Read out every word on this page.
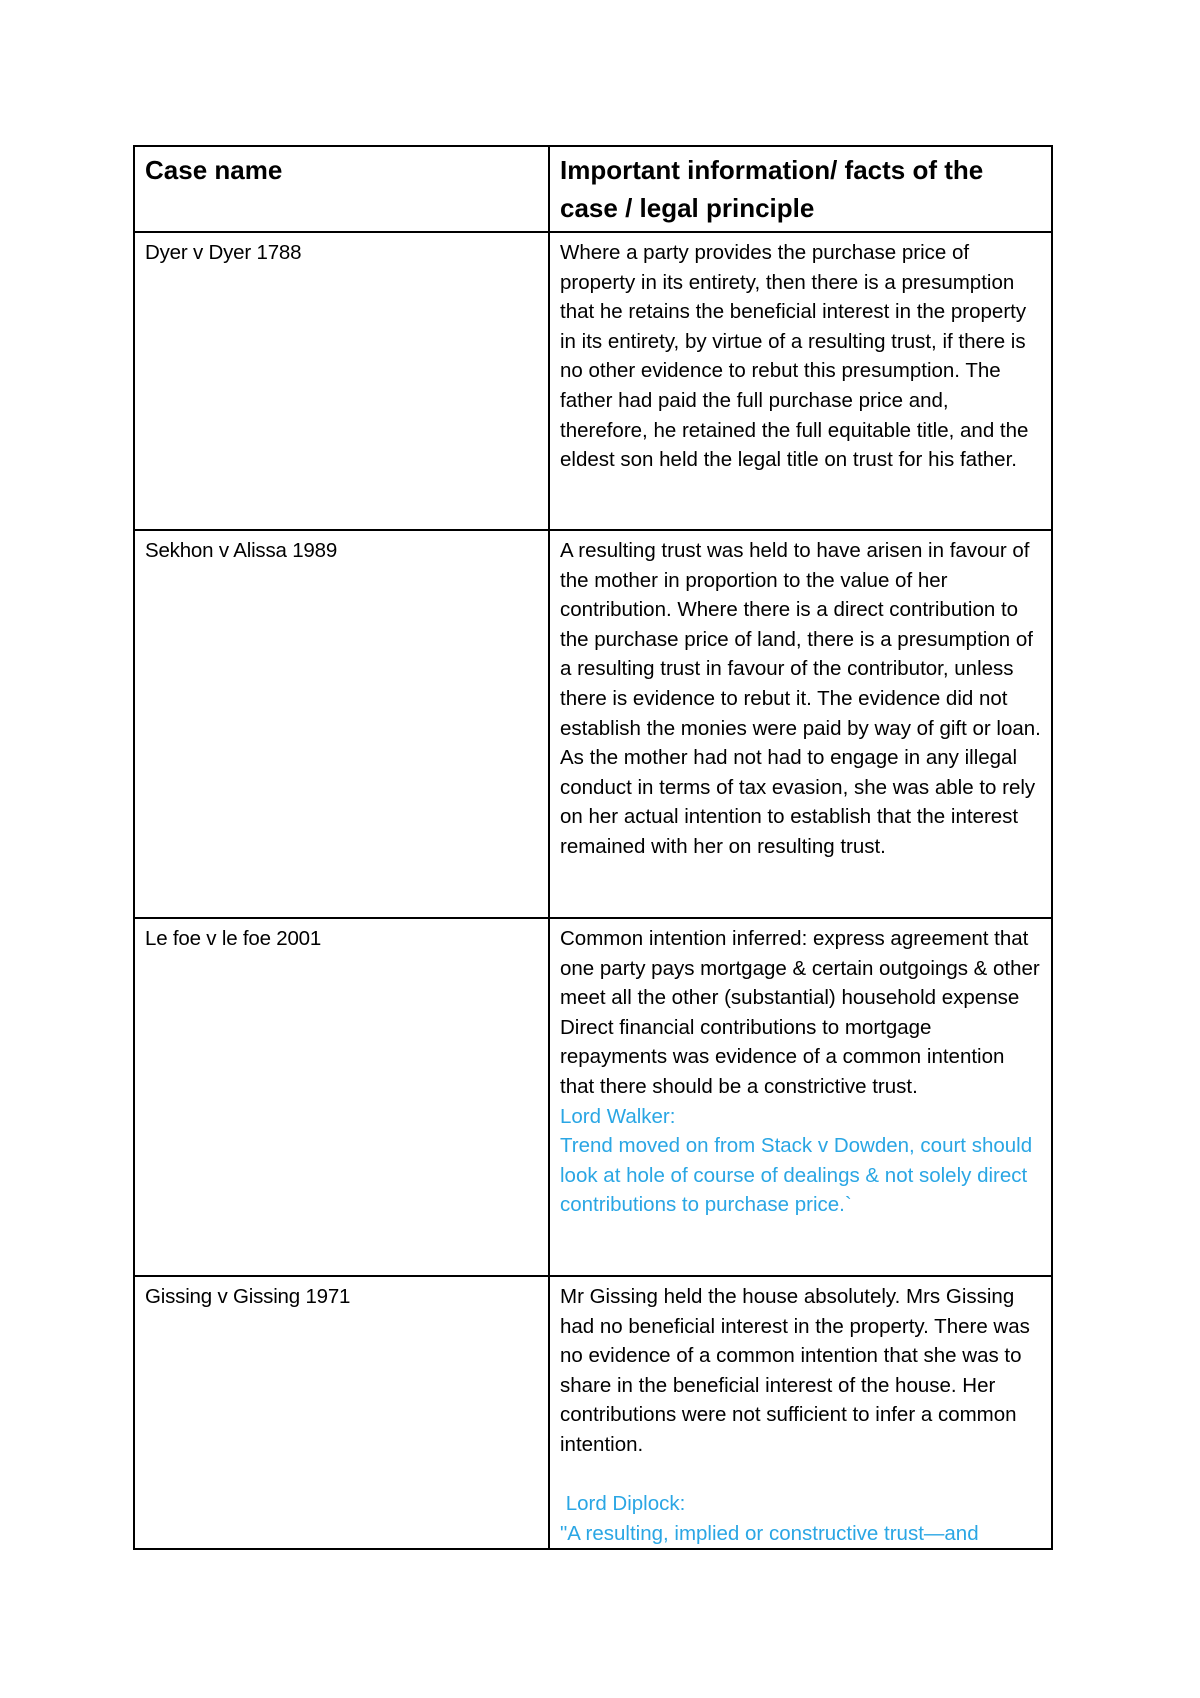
Case name	Important information/ facts of the case / legal principle
Dyer v Dyer 1788	Where a party provides the purchase price of property in its entirety, then there is a presumption that he retains the beneficial interest in the property in its entirety, by virtue of a resulting trust, if there is no other evidence to rebut this presumption. The father had paid the full purchase price and, therefore, he retained the full equitable title, and the eldest son held the legal title on trust for his father.

Sekhon v Alissa 1989	A resulting trust was held to have arisen in favour of the mother in proportion to the value of her contribution. Where there is a direct contribution to the purchase price of land, there is a presumption of a resulting trust in favour of the contributor, unless there is evidence to rebut it. The evidence did not establish the monies were paid by way of gift or loan. As the mother had not had to engage in any illegal conduct in terms of tax evasion, she was able to rely on her actual intention to establish that the interest remained with her on resulting trust.

Le foe v le foe 2001	Common intention inferred: express agreement that one party pays mortgage & certain outgoings & other meet all the other (substantial) household expense
Direct financial contributions to mortgage repayments was evidence of a common intention that there should be a constrictive trust.
Lord Walker:
Trend moved on from Stack v Dowden, court should look at hole of course of dealings & not solely direct contributions to purchase price.`

Gissing v Gissing 1971	Mr Gissing held the house absolutely. Mrs Gissing had no beneficial interest in the property. There was no evidence of a common intention that she was to share in the beneficial interest of the house. Her contributions were not sufficient to infer a common intention.
Lord Diplock:
"A resulting, implied or constructive trust—and
